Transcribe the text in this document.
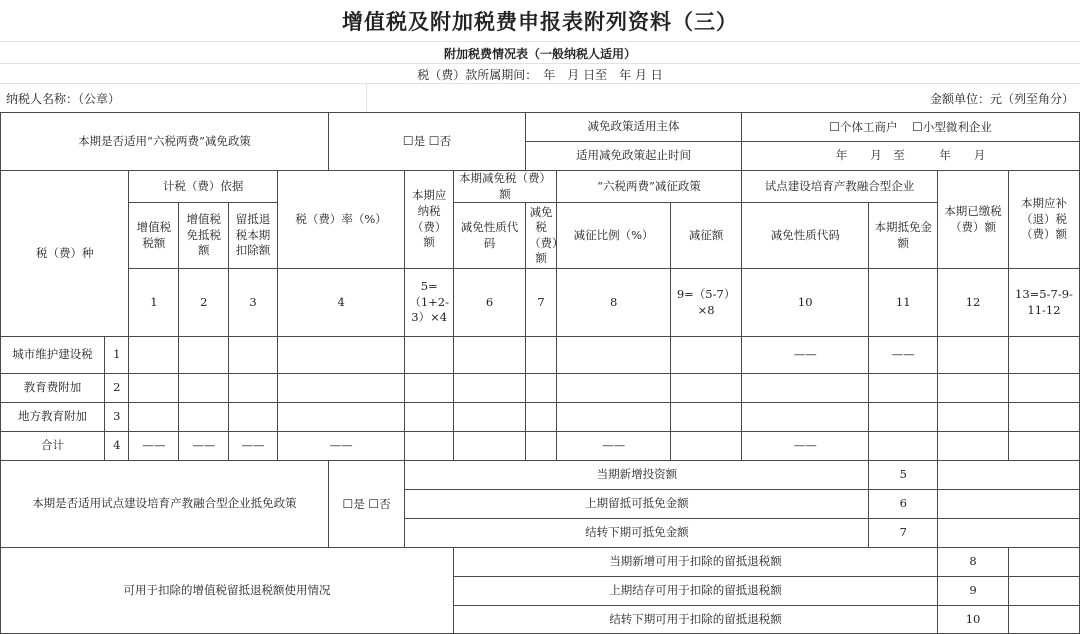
增值税及附加税费申报表附列资料（三）
附加税费情况表（一般纳税人适用）
税（费）款所属期间：　年　月 日至　年 月 日
纳税人名称：（公章）	金额单位：元（列至角分）
本期是否适用“六税两费”减免政策						☐是 ☐否			减免政策适用主体			☐个体工商户 ☐小型微利企业			
									适用减免政策起止时间			年　　月　至　　　年　　月			
税（费）种		计税（费）依据			税（费）率（%）		本期应纳税（费）额	本期减免税（费）额		“六税两费”减征政策		试点建设培育产教融合型企业		本期已缴税（费）额	本期应补（退）税（费）额
		增值税税额	增值税免抵税额	留抵退税本期扣除额				减免性质代码	减免税（费）额	减征比例（%）	减征额	减免性质代码	本期抵免金额		
		1	2	3	4		5=（1+2-3）×4	6	7	8	9=（5-7）×8	10	11	12	13=5-7-9-11-12
城市维护建设税	1											——	——		
教育费附加	2														
地方教育附加	3														
合计	4	——	——	——	——					——		——			
本期是否适用试点建设培育产教融合型企业抵免政策						☐是 ☐否	当期新增投资额						5		
							上期留抵可抵免金额						6		
							结转下期可抵免金额						7		
可用于扣除的增值税留抵退税额使用情况								当期新增可用于扣除的留抵退税额						8	
								上期结存可用于扣除的留抵退税额						9	
								结转下期可用于扣除的留抵退税额						10	
